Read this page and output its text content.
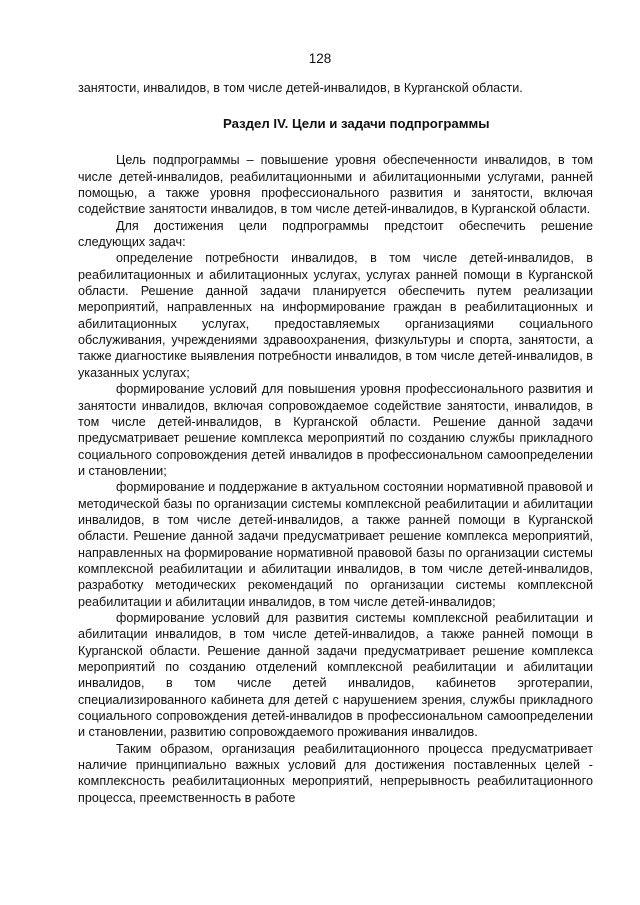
128

занятости, инвалидов, в том числе детей-инвалидов, в Курганской области.

Раздел IV. Цели и задачи подпрограммы

Цель подпрограммы – повышение уровня обеспеченности инвалидов, в том числе детей-инвалидов, реабилитационными и абилитационными услугами, ранней помощью, а также уровня профессионального развития и занятости, включая содействие занятости инвалидов, в том числе детей-инвалидов, в Курганской области.

Для достижения цели подпрограммы предстоит обеспечить решение следующих задач:

определение потребности инвалидов, в том числе детей-инвалидов, в реабилитационных и абилитационных услугах, услугах ранней помощи в Курганской области. Решение данной задачи планируется обеспечить путем реализации мероприятий, направленных на информирование граждан в реабилитационных и абилитационных услугах, предоставляемых организациями социального обслуживания, учреждениями здравоохранения, физкультуры и спорта, занятости, а также диагностике выявления потребности инвалидов, в том числе детей-инвалидов, в указанных услугах;

формирование условий для повышения уровня профессионального развития и занятости инвалидов, включая сопровождаемое содействие занятости, инвалидов, в том числе детей-инвалидов, в Курганской области. Решение данной задачи предусматривает решение комплекса мероприятий по созданию службы прикладного социального сопровождения детей инвалидов в профессиональном самоопределении и становлении;

формирование и поддержание в актуальном состоянии нормативной правовой и методической базы по организации системы комплексной реабилитации и абилитации инвалидов, в том числе детей-инвалидов, а также ранней помощи в Курганской области. Решение данной задачи предусматривает решение комплекса мероприятий, направленных на формирование нормативной правовой базы по организации системы комплексной реабилитации и абилитации инвалидов, в том числе детей-инвалидов, разработку методических рекомендаций по организации системы комплексной реабилитации и абилитации инвалидов, в том числе детей-инвалидов;

формирование условий для развития системы комплексной реабилитации и абилитации инвалидов, в том числе детей-инвалидов, а также ранней помощи в Курганской области. Решение данной задачи предусматривает решение комплекса мероприятий по созданию отделений комплексной реабилитации и абилитации инвалидов, в том числе детей инвалидов, кабинетов эрготерапии, специализированного кабинета для детей с нарушением зрения, службы прикладного социального сопровождения детей-инвалидов в профессиональном самоопределении и становлении, развитию сопровождаемого проживания инвалидов.

Таким образом, организация реабилитационного процесса предусматривает наличие принципиально важных условий для достижения поставленных целей - комплексность реабилитационных мероприятий, непрерывность реабилитационного процесса, преемственность в работе
